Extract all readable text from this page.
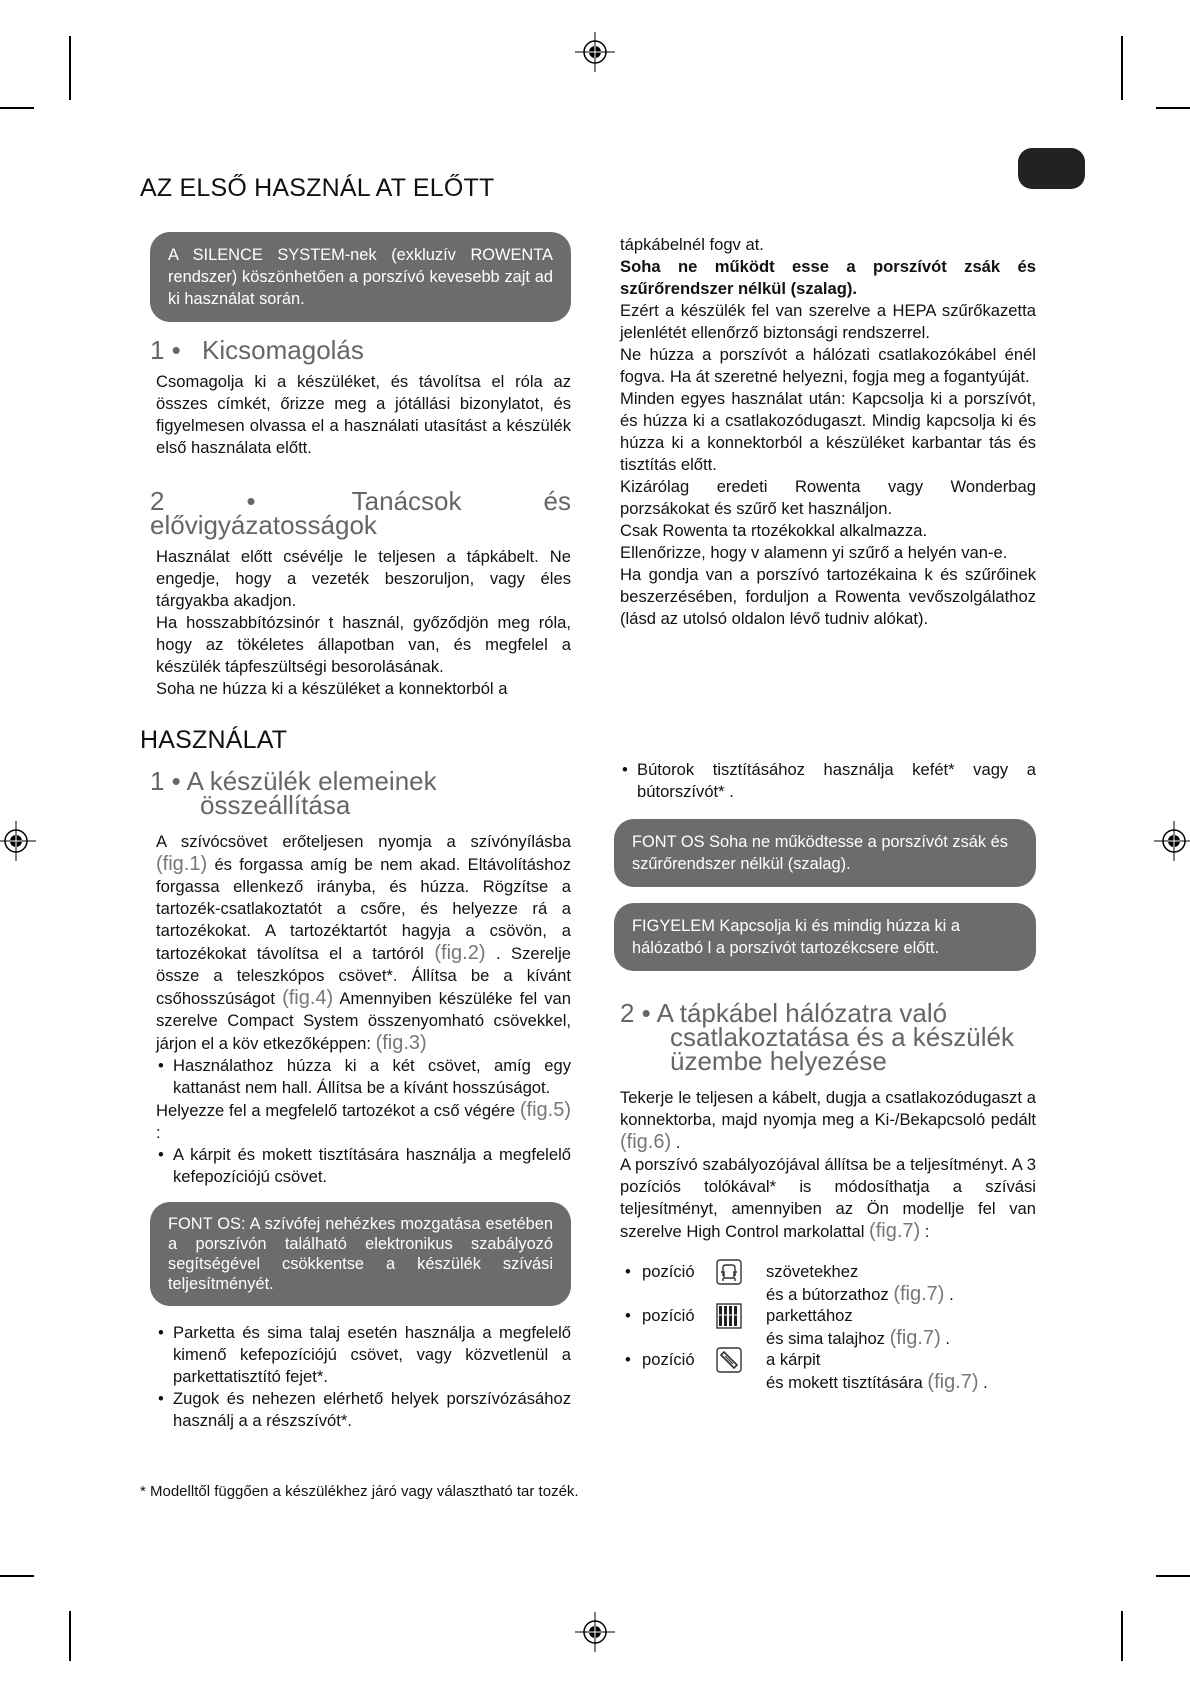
AZ ELSŐ HASZNÁL AT ELŐTT
A SILENCE SYSTEM-nek (exkluzív ROWENTA rendszer) köszönhetően a porszívó kevesebb zajt ad ki használat során.
1 • Kicsomagolás

Csomagolja ki a készüléket, és távolítsa el róla az összes címkét, őrizze meg a jótállási bizonylatot, és figyelmesen olvassa el a használati utasítást a készülék első használata előtt.

2 •	Tanácsok és elővigyázatosságok

Használat előtt csévélje le teljesen a tápkábelt. Ne engedje, hogy a vezeték beszoruljon, vagy éles tárgyakba akadjon.

Ha hosszabbítózsinór t használ, győződjön meg róla, hogy az tökéletes állapotban van, és megfelel a készülék tápfeszültségi besorolásának.

Soha ne húzza ki a készüléket a konnektorból a

tápkábelnél fogv at.

Soha ne működt esse a porszívót zsák és szűrőrendszer nélkül (szalag).

Ezért a készülék fel van szerelve a HEPA szűrőkazetta jelenlétét ellenőrző biztonsági rendszerrel.

Ne húzza a porszívót a hálózati csatlakozókábel énél fogva. Ha át szeretné helyezni, fogja meg a fogantyúját.

Minden egyes használat után: Kapcsolja ki a porszívót, és húzza ki a csatlakozódugaszt. Mindig kapcsolja ki és húzza ki a konnektorból a készüléket karbantar tás és tisztítás előtt.

Kizárólag eredeti Rowenta vagy Wonderbag porzsákokat és szűrő ket használjon.

Csak Rowenta ta rtozékokkal alkalmazza.

Ellenőrizze, hogy v alamenn yi szűrő a helyén van-e.

Ha gondja van a porszívó tartozékaina k és szűrőinek beszerzésében, forduljon a Rowenta vevőszolgálathoz (lásd az utolsó oldalon lévő tudniv alókat).

HASZNÁLAT
1 • A készülék elemeinek
összeállítása

A szívócsövet erőteljesen nyomja a szívónyílásba (fig.1) és forgassa amíg be nem akad. Eltávolításhoz forgassa ellenkező irányba, és húzza. Rögzítse a tartozék-csatlakoztatót a csőre, és helyezze rá a tartozékokat. A tartozéktartót hagyja a csövön, a tartozékokat távolítsa el a tartóról (fig.2) . Szerelje össze a teleszkópos csövet*. Állítsa be a kívánt csőhosszúságot (fig.4) Amennyiben készüléke fel van szerelve Compact System összenyomható csövekkel, járjon el a köv etkezőképpen: (fig.3)

• Használathoz húzza ki a két csövet, amíg egy kattanást nem hall. Állítsa be a kívánt hosszúságot.

Helyezze fel a megfelelő tartozékot a cső végére (fig.5) :

• A kárpit és mokett tisztítására használja a megfelelő kefepozíciójú csövet.
FONT OS: A szívófej nehézkes mozgatása esetében a porszívón található elektronikus szabályozó segítségével csökkentse a készülék szívási teljesítményét.
• Parketta és sima talaj esetén használja a megfelelő kimenő kefepozíciójú csövet, vagy közvetlenül a parkettatisztító fejet*.
• Zugok és nehezen elérhető helyek porszívózásához használj a a részszívót*.
• Bútorok tisztításához használja kefét* vagy a bútorszívót* .
FONT OS Soha ne működtesse a porszívót zsák és szűrőrendszer nélkül (szalag).
FIGYELEM Kapcsolja ki és mindig húzza ki a hálózatbó l a porszívót tartozékcsere előtt.
2 • A tápkábel hálózatra való
csatlakoztatása és a készülék
üzembe helyezése

Tekerje le teljesen a kábelt, dugja a csatlakozódugaszt a konnektorba, majd nyomja meg a Ki-/Bekapcsoló pedált (fig.6) .

A porszívó szabályozójával állítsa be a teljesítményt. A 3 pozíciós tolókával* is módosíthatja a szívási teljesítményt, amennyiben az Ön modellje fel van szerelve High Control markolattal (fig.7) :

• pozíció	szövetekhez
és a bútorzathoz (fig.7) .
• pozíció	parkettához
és sima talajhoz (fig.7) .
• pozíció	a kárpit
és mokett tisztítására (fig.7) .
* Modelltől függően a készülékhez járó vagy választható tar tozék.
